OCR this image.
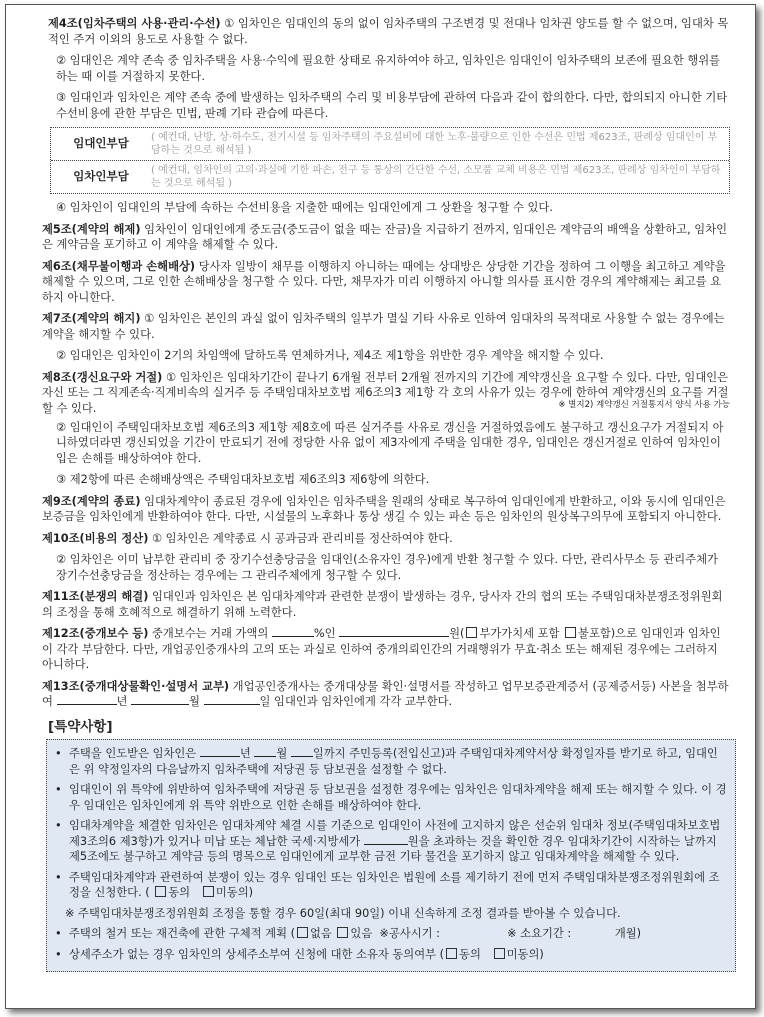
제4조(임차주택의 사용·관리·수선) ① 임차인은 임대인의 동의 없이 임차주택의 구조변경 및 전대나 임차권 양도를 할 수 없으며, 임대차 목적인 주거 이외의 용도로 사용할 수 없다.

② 임대인은 계약 존속 중 임차주택을 사용·수익에 필요한 상태로 유지하여야 하고, 임차인은 임대인이 임차주택의 보존에 필요한 행위를 하는 때 이를 거절하지 못한다.

③ 임대인과 임차인은 계약 존속 중에 발생하는 임차주택의 수리 및 비용부담에 관하여 다음과 같이 합의한다. 다만, 합의되지 아니한 기타 수선비용에 관한 부담은 민법, 판례 기타 관습에 따른다.

임대인부담	( 예컨대, 난방, 상·하수도, 전기시설 등 임차주택의 주요설비에 대한 노후·불량으로 인한 수선은 민법 제623조, 판례상 임대인이 부담하는 것으로 해석됨 )
임차인부담	( 예컨대, 임차인의 고의·과실에 기한 파손, 전구 등 통상의 간단한 수선, 소모품 교체 비용은 민법 제623조, 판례상 임차인이 부담하는 것으로 해석됨 )

④ 임차인이 임대인의 부담에 속하는 수선비용을 지출한 때에는 임대인에게 그 상환을 청구할 수 있다.

제5조(계약의 해제) 임차인이 임대인에게 중도금(중도금이 없을 때는 잔금)을 지급하기 전까지, 임대인은 계약금의 배액을 상환하고, 임차인은 계약금을 포기하고 이 계약을 해제할 수 있다.

제6조(채무불이행과 손해배상) 당사자 일방이 채무를 이행하지 아니하는 때에는 상대방은 상당한 기간을 정하여 그 이행을 최고하고 계약을 해제할 수 있으며, 그로 인한 손해배상을 청구할 수 있다. 다만, 채무자가 미리 이행하지 아니할 의사를 표시한 경우의 계약해제는 최고를 요하지 아니한다.

제7조(계약의 해지) ① 임차인은 본인의 과실 없이 임차주택의 일부가 멸실 기타 사유로 인하여 임대차의 목적대로 사용할 수 없는 경우에는 계약을 해지할 수 있다.

② 임대인은 임차인이 2기의 차임액에 달하도록 연체하거나, 제4조 제1항을 위반한 경우 계약을 해지할 수 있다.

제8조(갱신요구와 거절) ① 임차인은 임대차기간이 끝나기 6개월 전부터 2개월 전까지의 기간에 계약갱신을 요구할 수 있다. 다만, 임대인은 자신 또는 그 직계존속·직계비속의 실거주 등 주택임대차보호법 제6조의3 제1항 각 호의 사유가 있는 경우에 한하여 계약갱신의 요구를 거절할 수 있다.	※ 별지2) 계약갱신 거절통지서 양식 사용 가능

② 임대인이 주택임대차보호법 제6조의3 제1항 제8호에 따른 실거주를 사유로 갱신을 거절하였음에도 불구하고 갱신요구가 거절되지 아니하였더라면 갱신되었을 기간이 만료되기 전에 정당한 사유 없이 제3자에게 주택을 임대한 경우, 임대인은 갱신거절로 인하여 임차인이 입은 손해를 배상하여야 한다.

③ 제2항에 따른 손해배상액은 주택임대차보호법 제6조의3 제6항에 의한다.

제9조(계약의 종료) 임대차계약이 종료된 경우에 임차인은 임차주택을 원래의 상태로 복구하여 임대인에게 반환하고, 이와 동시에 임대인은 보증금을 임차인에게 반환하여야 한다. 다만, 시설물의 노후화나 통상 생길 수 있는 파손 등은 임차인의 원상복구의무에 포함되지 아니한다.

제10조(비용의 정산) ① 임차인은 계약종료 시 공과금과 관리비를 정산하여야 한다.

② 임차인은 이미 납부한 관리비 중 장기수선충당금을 임대인(소유자인 경우)에게 반환 청구할 수 있다. 다만, 관리사무소 등 관리주체가 장기수선충당금을 정산하는 경우에는 그 관리주체에게 청구할 수 있다.

제11조(분쟁의 해결) 임대인과 임차인은 본 임대차계약과 관련한 분쟁이 발생하는 경우, 당사자 간의 협의 또는 주택임대차분쟁조정위원회의 조정을 통해 호혜적으로 해결하기 위해 노력한다.

제12조(중개보수 등) 중개보수는 거래 가액의	%인	원( 부가가치세 포함 불포함)으로 임대인과 임차인이 각각 부담한다. 다만, 개업공인중개사의 고의 또는 과실로 인하여 중개의뢰인간의 거래행위가 무효·취소 또는 해제된 경우에는 그러하지 아니하다.

제13조(중개대상물확인·설명서 교부) 개업공인중개사는 중개대상물 확인·설명서를 작성하고 업무보증관계증서 (공제증서등) 사본을 첨부하여	년	월	일 임대인과 임차인에게 각각 교부한다.

[특약사항]
• 주택을 인도받은 임차인은	년 월 일까지 주민등록(전입신고)과 주택임대차계약서상 확정일자를 받기로 하고, 임대인은 위 약정일자의 다음날까지 임차주택에 저당권 등 담보권을 설정할 수 없다.
• 임대인이 위 특약에 위반하여 임차주택에 저당권 등 담보권을 설정한 경우에는 임차인은 임대차계약을 해제 또는 해지할 수 있다. 이 경우 임대인은 임차인에게 위 특약 위반으로 인한 손해를 배상하여야 한다.
• 임대차계약을 체결한 임차인은 임대차계약 체결 시를 기준으로 임대인이 사전에 고지하지 않은 선순위 임대차 정보(주택임대차보호법 제3조의6 제3항)가 있거나 미납 또는 체납한 국세·지방세가	원을 초과하는 것을 확인한 경우 임대차기간이 시작하는 날까지 제5조에도 불구하고 계약금 등의 명목으로 임대인에게 교부한 금전 기타 물건을 포기하지 않고 임대차계약을 해제할 수 있다.
• 주택임대차계약과 관련하여 분쟁이 있는 경우 임대인 또는 임차인은 법원에 소를 제기하기 전에 먼저 주택임대차분쟁조정위원회에 조정을 신청한다. ( 동의 미동의)
※ 주택임대차분쟁조정위원회 조정을 통할 경우 60일(최대 90일) 이내 신속하게 조정 결과를 받아볼 수 있습니다.
• 주택의 철거 또는 재건축에 관한 구체적 계획 ( 없음 있음 ※공사시기 :	※ 소요기간 :	개월)
• 상세주소가 없는 경우 임차인의 상세주소부여 신청에 대한 소유자 동의여부 ( 동의 미동의)
